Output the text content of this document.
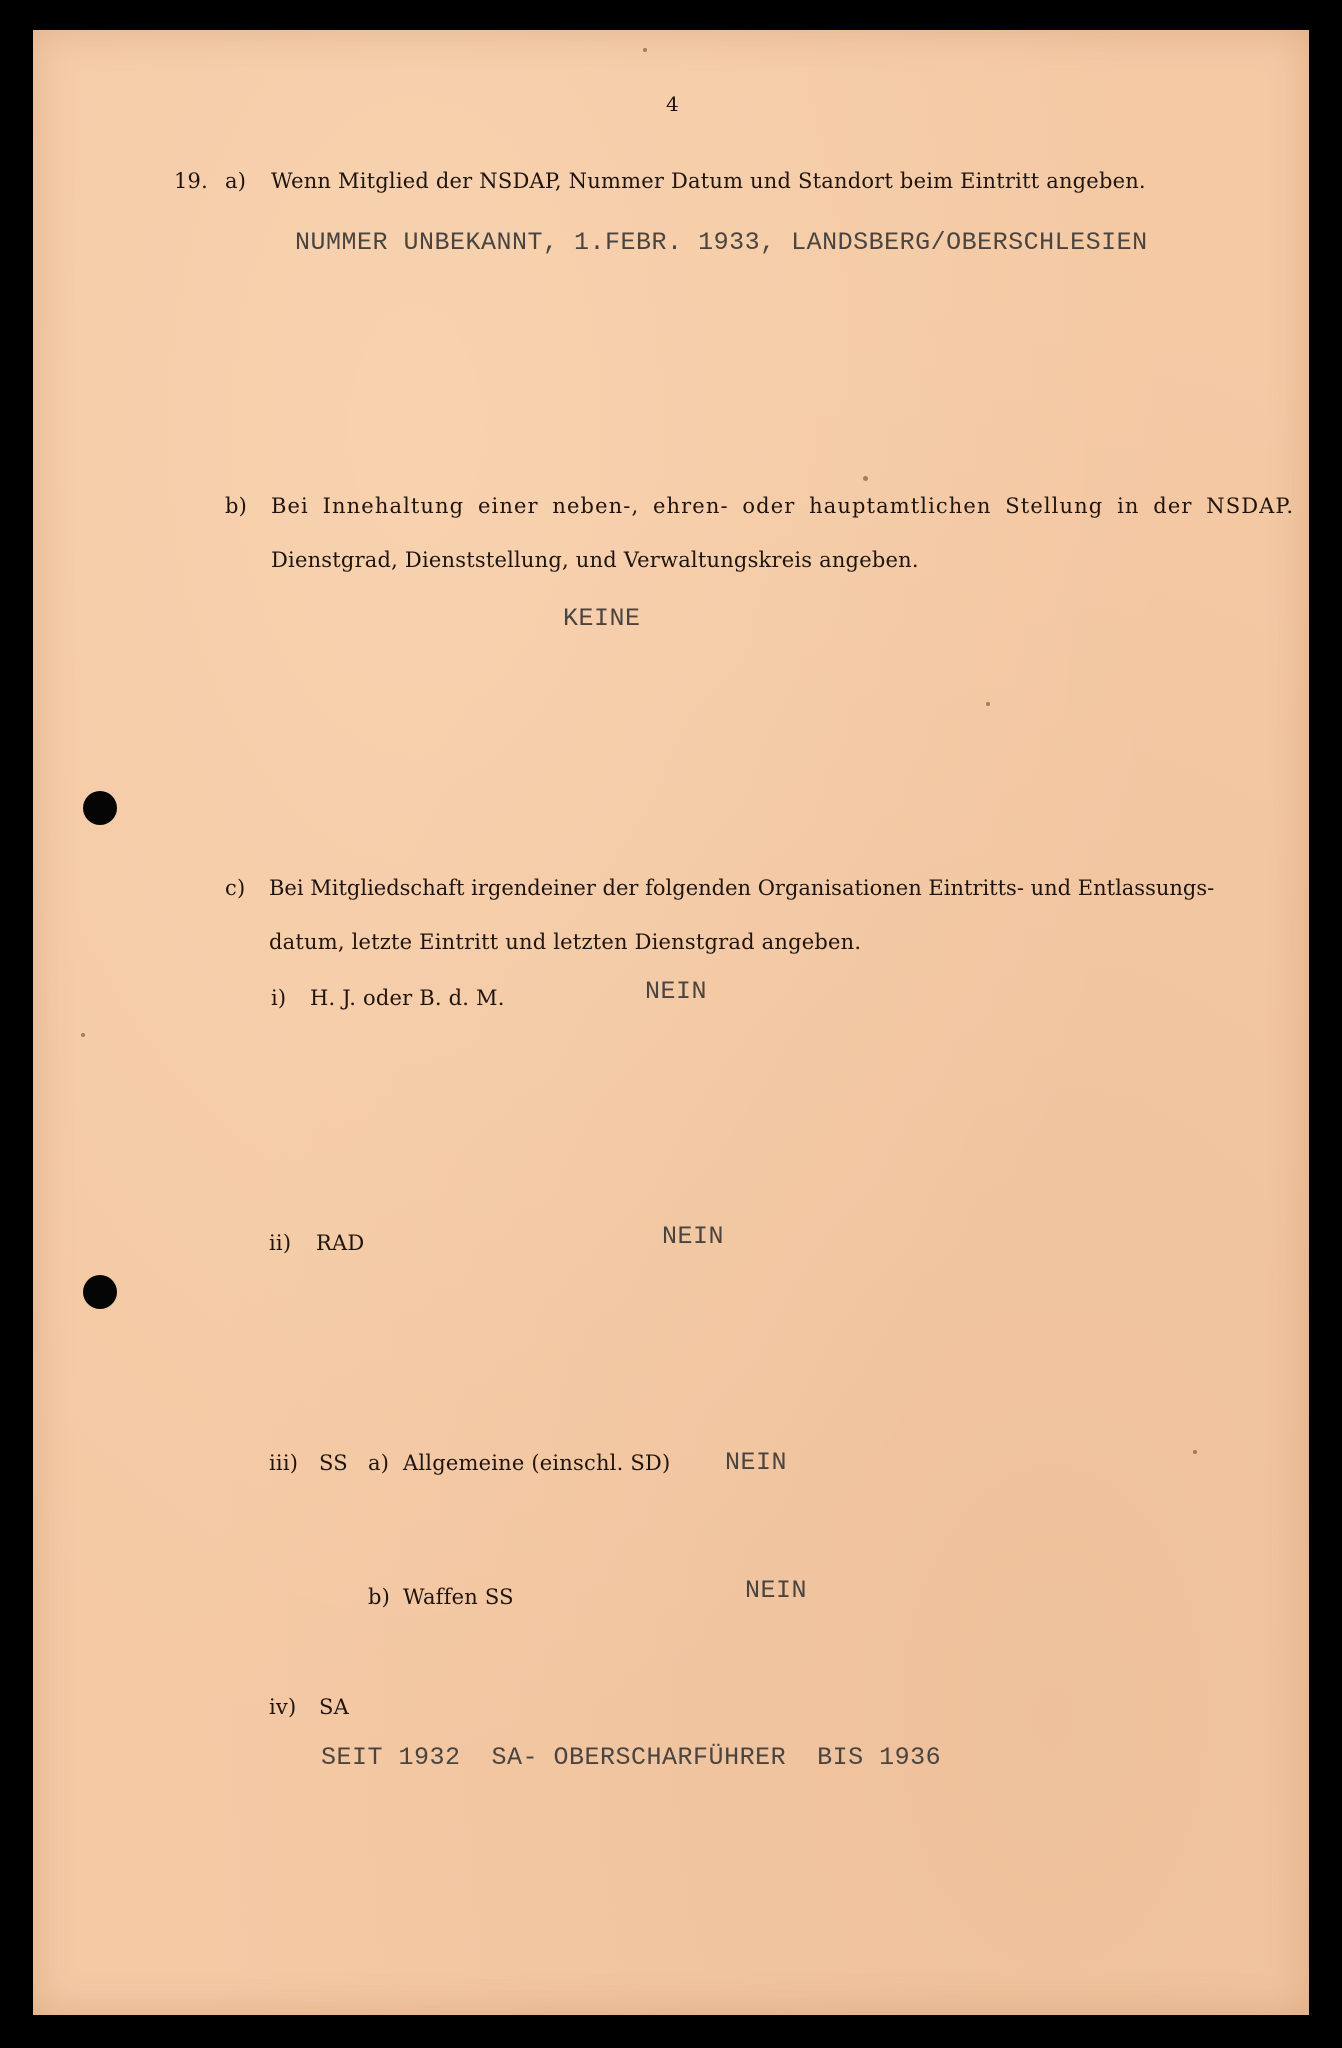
4
19. a) Wenn Mitglied der NSDAP, Nummer Datum und Standort beim Eintritt angeben.
NUMMER UNBEKANNT, 1.FEBR. 1933, LANDSBERG/OBERSCHLESIEN
b) Bei Innehaltung einer neben-, ehren- oder hauptamtlichen Stellung in der NSDAP.
Dienstgrad, Dienststellung, und Verwaltungskreis angeben.
KEINE
c) Bei Mitgliedschaft irgendeiner der folgenden Organisationen Eintritts- und Entlassungs-
datum, letzte Eintritt und letzten Dienstgrad angeben.
i) H. J. oder B. d. M.	NEIN
ii) RAD	NEIN
iii) SS a) Allgemeine (einschl. SD) NEIN
b) Waffen SS	NEIN
iv) SA
SEIT 1932  SA- OBERSCHARFÜHRER  BIS 1936
